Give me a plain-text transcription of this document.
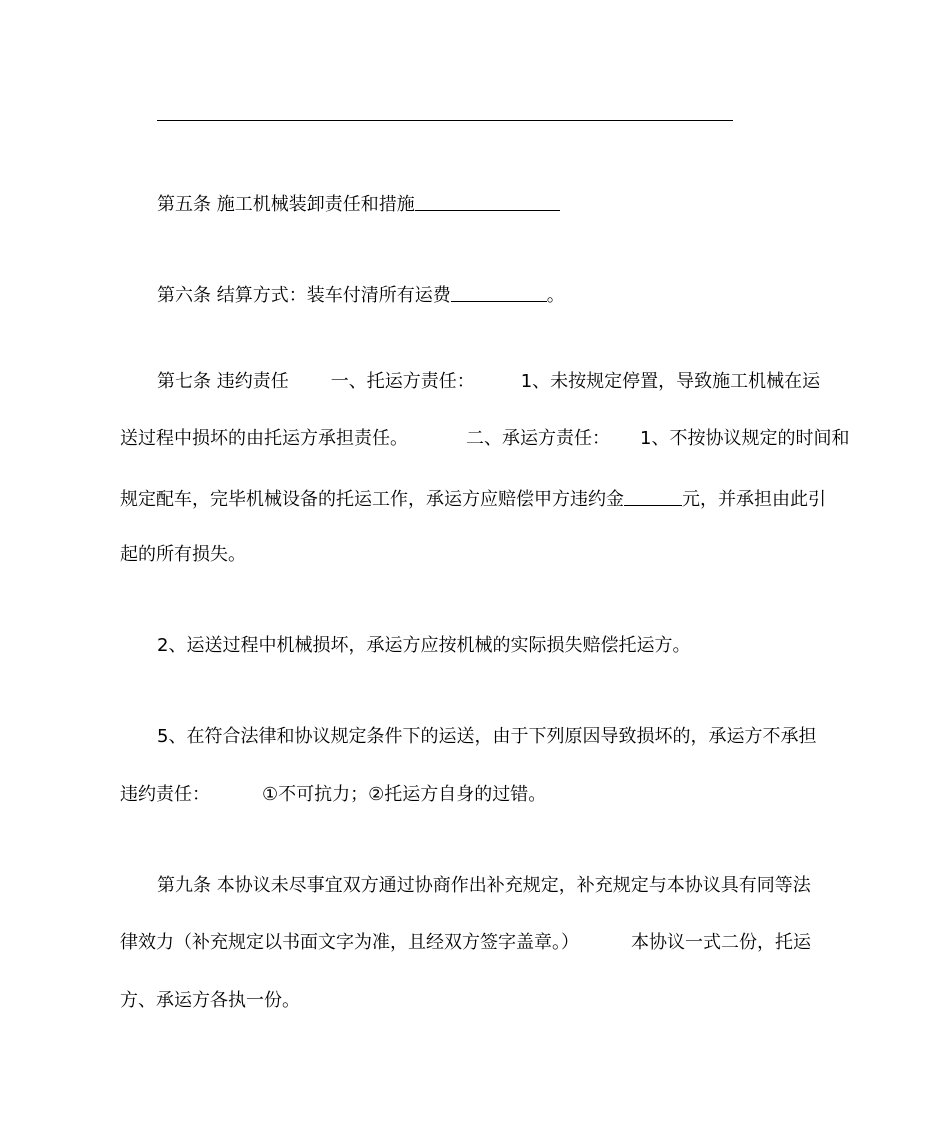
第五条 施工机械装卸责任和措施
第六条 结算方式：装车付清所有运费	。
第七条 违约责任 一、托运方责任：	1、未按规定停置，导致施工机械在运
送过程中损坏的由托运方承担责任。	二、承运方责任： 1、不按协议规定的时间和
规定配车，完毕机械设备的托运工作，承运方应赔偿甲方违约金	元，并承担由此引
起的所有损失。
2、运送过程中机械损坏，承运方应按机械的实际损失赔偿托运方。
5、在符合法律和协议规定条件下的运送，由于下列原因导致损坏的，承运方不承担
违约责任：	①不可抗力；②托运方自身的过错。
第九条 本协议未尽事宜双方通过协商作出补充规定，补充规定与本协议具有同等法
律效力（补充规定以书面文字为准，且经双方签字盖章。）	本协议一式二份，托运
方、承运方各执一份。
